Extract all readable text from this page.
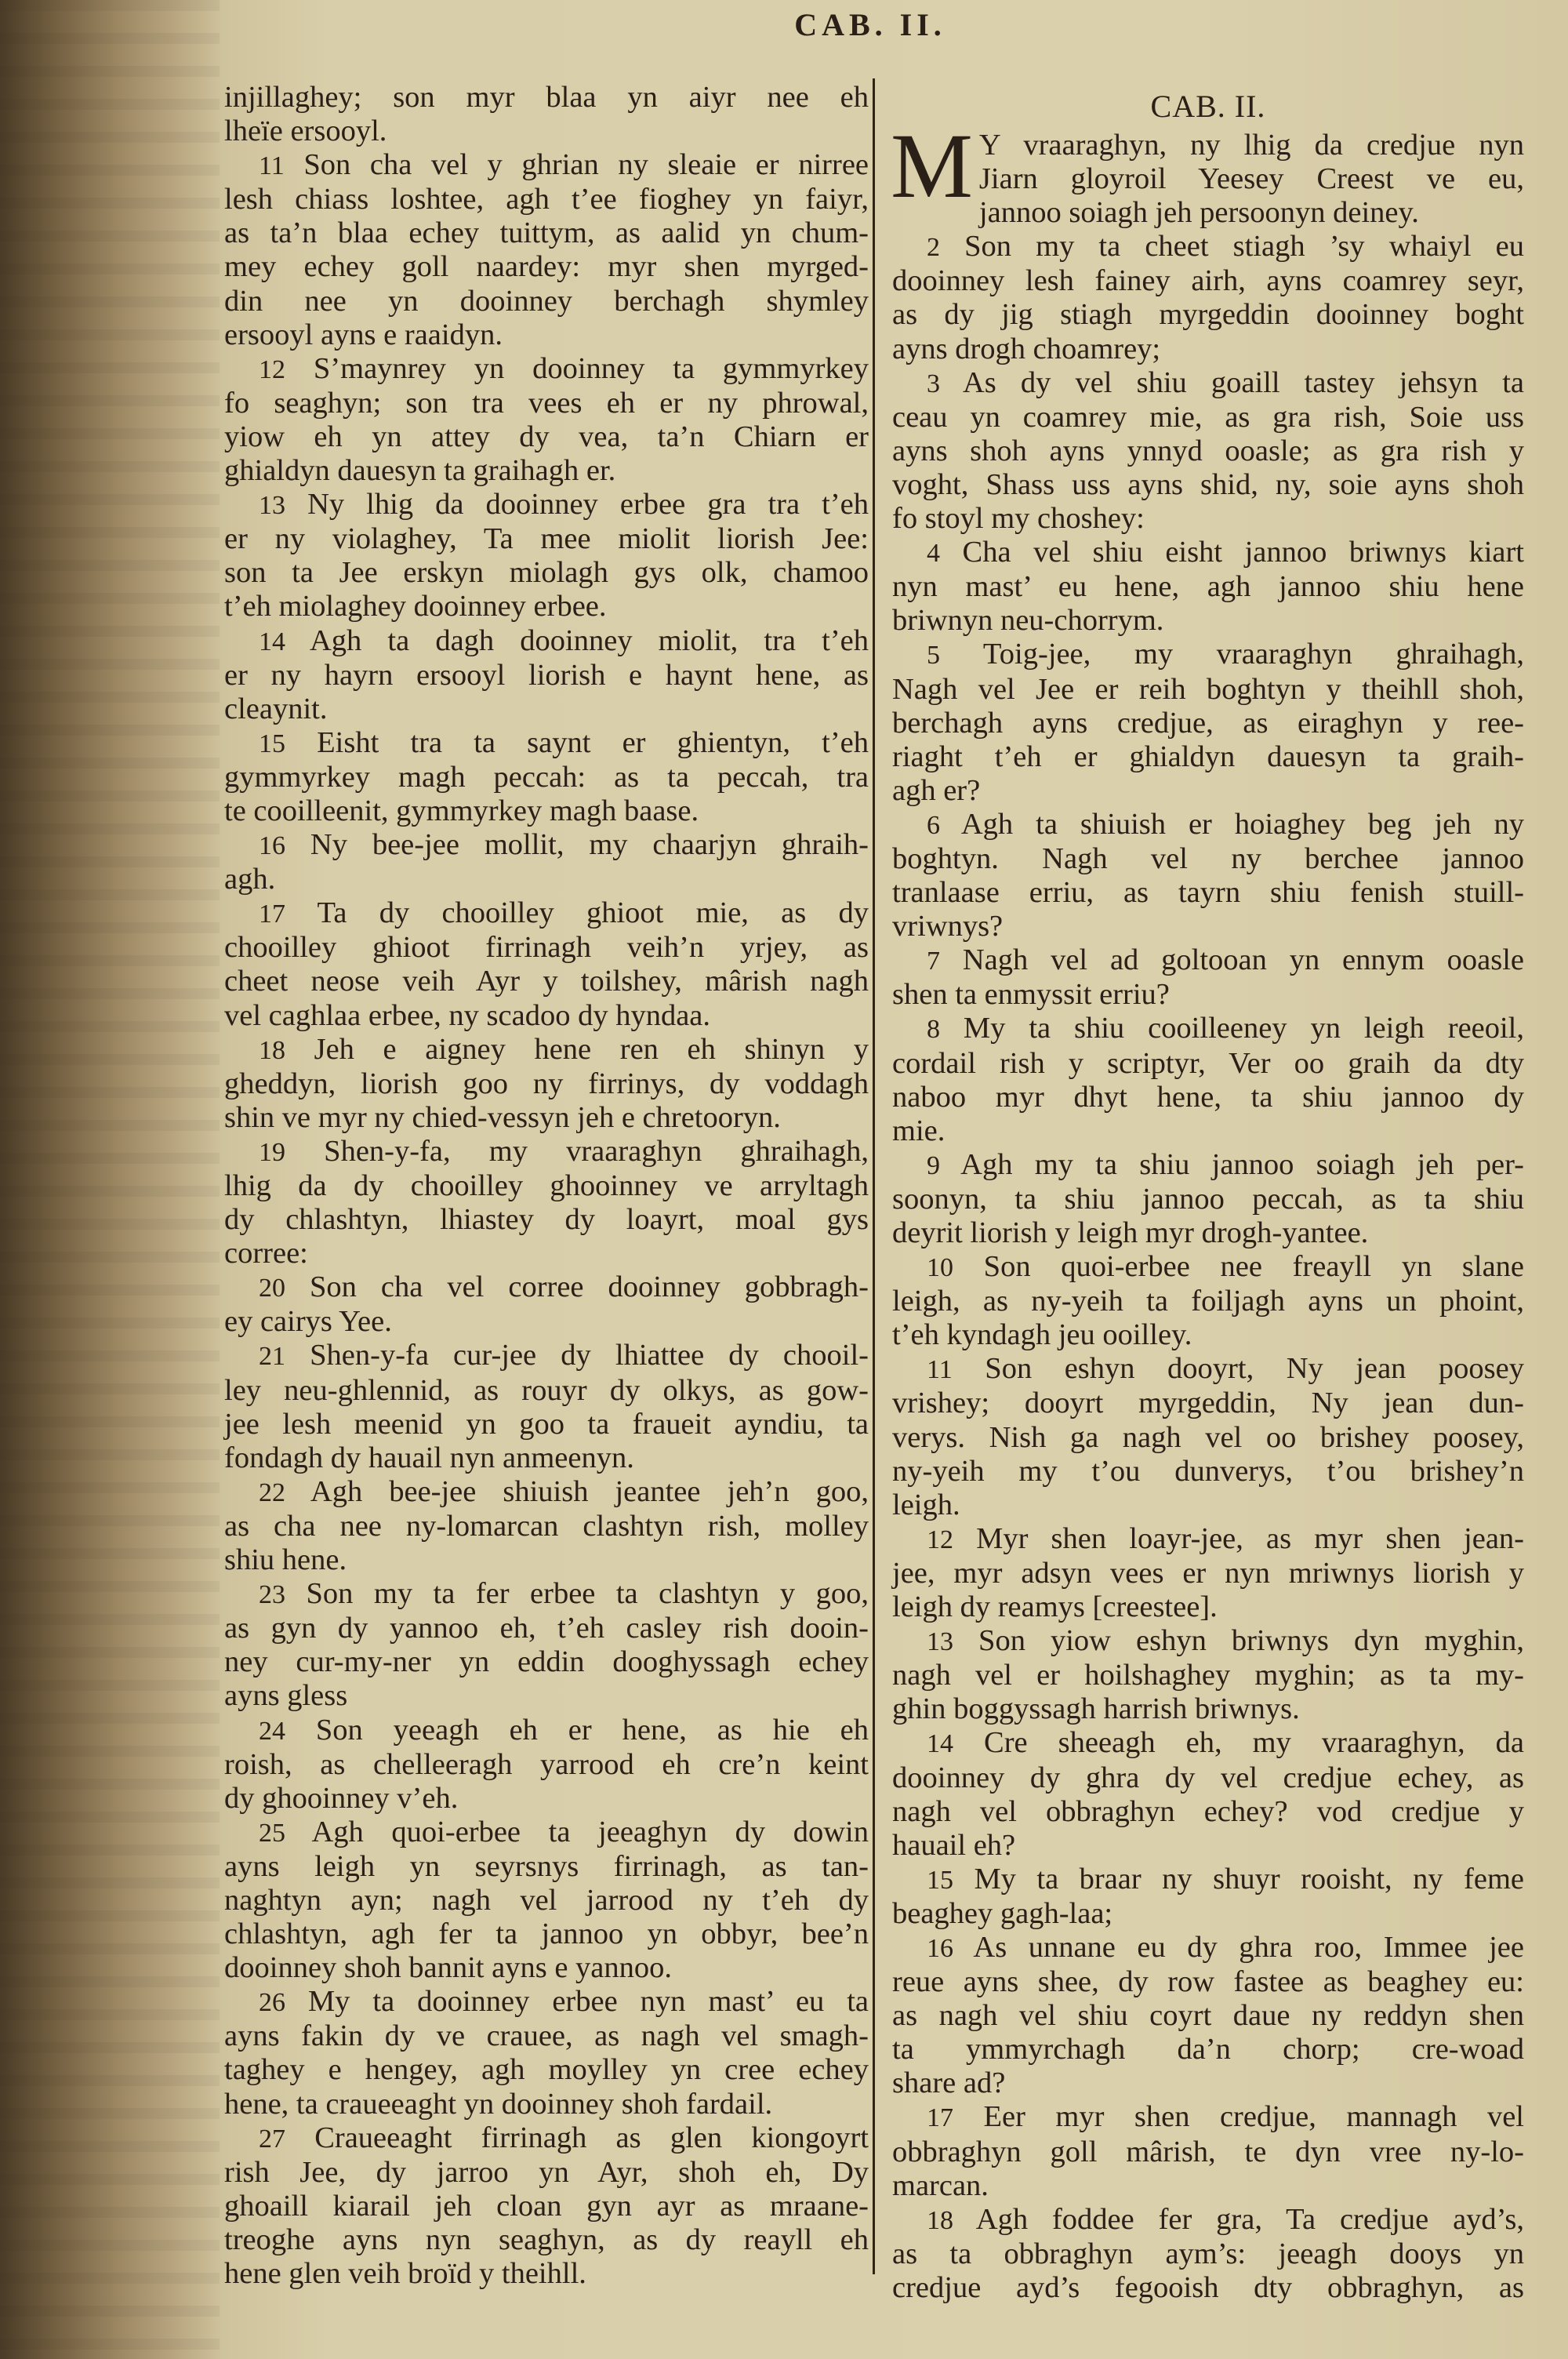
CAB. II.
injillaghey; son myr blaa yn aiyr nee eh
lheïe ersooyl.
11 Son cha vel y ghrian ny sleaie er nirree
lesh chiass loshtee, agh t’ee fioghey yn faiyr,
as ta’n blaa echey tuittym, as aalid yn chum-
mey echey goll naardey: myr shen myrged-
din nee yn dooinney berchagh shymley
ersooyl ayns e raaidyn.
12 S’maynrey yn dooinney ta gymmyrkey
fo seaghyn; son tra vees eh er ny phrowal,
yiow eh yn attey dy vea, ta’n Chiarn er
ghialdyn dauesyn ta graihagh er.
13 Ny lhig da dooinney erbee gra tra t’eh
er ny violaghey, Ta mee miolit liorish Jee:
son ta Jee erskyn miolagh gys olk, chamoo
t’eh miolaghey dooinney erbee.
14 Agh ta dagh dooinney miolit, tra t’eh
er ny hayrn ersooyl liorish e haynt hene, as
cleaynit.
15 Eisht tra ta saynt er ghientyn, t’eh
gymmyrkey magh peccah: as ta peccah, tra
te cooilleenit, gymmyrkey magh baase.
16 Ny bee-jee mollit, my chaarjyn ghraih-
agh.
17 Ta dy chooilley ghioot mie, as dy
chooilley ghioot firrinagh veih’n yrjey, as
cheet neose veih Ayr y toilshey, mârish nagh
vel caghlaa erbee, ny scadoo dy hyndaa.
18 Jeh e aigney hene ren eh shinyn y
gheddyn, liorish goo ny firrinys, dy voddagh
shin ve myr ny chied-vessyn jeh e chretooryn.
19 Shen-y-fa, my vraaraghyn ghraihagh,
lhig da dy chooilley ghooinney ve arryltagh
dy chlashtyn, lhiastey dy loayrt, moal gys
corree:
20 Son cha vel corree dooinney gobbragh-
ey cairys Yee.
21 Shen-y-fa cur-jee dy lhiattee dy chooil-
ley neu-ghlennid, as rouyr dy olkys, as gow-
jee lesh meenid yn goo ta fraueit ayndiu, ta
fondagh dy hauail nyn anmeenyn.
22 Agh bee-jee shiuish jeantee jeh’n goo,
as cha nee ny-lomarcan clashtyn rish, molley
shiu hene.
23 Son my ta fer erbee ta clashtyn y goo,
as gyn dy yannoo eh, t’eh casley rish dooin-
ney cur-my-ner yn eddin dooghyssagh echey
ayns gless
24 Son yeeagh eh er hene, as hie eh
roish, as chelleeragh yarrood eh cre’n keint
dy ghooinney v’eh.
25 Agh quoi-erbee ta jeeaghyn dy dowin
ayns leigh yn seyrsnys firrinagh, as tan-
naghtyn ayn; nagh vel jarrood ny t’eh dy
chlashtyn, agh fer ta jannoo yn obbyr, bee’n
dooinney shoh bannit ayns e yannoo.
26 My ta dooinney erbee nyn mast’ eu ta
ayns fakin dy ve crauee, as nagh vel smagh-
taghey e hengey, agh moylley yn cree echey
hene, ta craueeaght yn dooinney shoh fardail.
27 Craueeaght firrinagh as glen kiongoyrt
rish Jee, dy jarroo yn Ayr, shoh eh, Dy
ghoaill kiarail jeh cloan gyn ayr as mraane-
treoghe ayns nyn seaghyn, as dy reayll eh
hene glen veih broïd y theihll.
CAB. II.
M Y vraaraghyn, ny lhig da credjue nyn
Jiarn gloyroil Yeesey Creest ve eu,
jannoo soiagh jeh persoonyn deiney.
2 Son my ta cheet stiagh ’sy whaiyl eu
dooinney lesh fainey airh, ayns coamrey seyr,
as dy jig stiagh myrgeddin dooinney boght
ayns drogh choamrey;
3 As dy vel shiu goaill tastey jehsyn ta
ceau yn coamrey mie, as gra rish, Soie uss
ayns shoh ayns ynnyd ooasle; as gra rish y
voght, Shass uss ayns shid, ny, soie ayns shoh
fo stoyl my choshey:
4 Cha vel shiu eisht jannoo briwnys kiart
nyn mast’ eu hene, agh jannoo shiu hene
briwnyn neu-chorrym.
5 Toig-jee, my vraaraghyn ghraihagh,
Nagh vel Jee er reih boghtyn y theihll shoh,
berchagh ayns credjue, as eiraghyn y ree-
riaght t’eh er ghialdyn dauesyn ta graih-
agh er?
6 Agh ta shiuish er hoiaghey beg jeh ny
boghtyn. Nagh vel ny berchee jannoo
tranlaase erriu, as tayrn shiu fenish stuill-
vriwnys?
7 Nagh vel ad goltooan yn ennym ooasle
shen ta enmyssit erriu?
8 My ta shiu cooilleeney yn leigh reeoil,
cordail rish y scriptyr, Ver oo graih da dty
naboo myr dhyt hene, ta shiu jannoo dy
mie.
9 Agh my ta shiu jannoo soiagh jeh per-
soonyn, ta shiu jannoo peccah, as ta shiu
deyrit liorish y leigh myr drogh-yantee.
10 Son quoi-erbee nee freayll yn slane
leigh, as ny-yeih ta foiljagh ayns un phoint,
t’eh kyndagh jeu ooilley.
11 Son eshyn dooyrt, Ny jean poosey
vrishey; dooyrt myrgeddin, Ny jean dun-
verys. Nish ga nagh vel oo brishey poosey,
ny-yeih my t’ou dunverys, t’ou brishey’n
leigh.
12 Myr shen loayr-jee, as myr shen jean-
jee, myr adsyn vees er nyn mriwnys liorish y
leigh dy reamys [creestee].
13 Son yiow eshyn briwnys dyn myghin,
nagh vel er hoilshaghey myghin; as ta my-
ghin boggyssagh harrish briwnys.
14 Cre sheeagh eh, my vraaraghyn, da
dooinney dy ghra dy vel credjue echey, as
nagh vel obbraghyn echey? vod credjue y
hauail eh?
15 My ta braar ny shuyr rooisht, ny feme
beaghey gagh-laa;
16 As unnane eu dy ghra roo, Immee jee
reue ayns shee, dy row fastee as beaghey eu:
as nagh vel shiu coyrt daue ny reddyn shen
ta ymmyrchagh da’n chorp; cre-woad
share ad?
17 Eer myr shen credjue, mannagh vel
obbraghyn goll mârish, te dyn vree ny-lo-
marcan.
18 Agh foddee fer gra, Ta credjue ayd’s,
as ta obbraghyn aym’s: jeeagh dooys yn
credjue ayd’s fegooish dty obbraghyn, as
